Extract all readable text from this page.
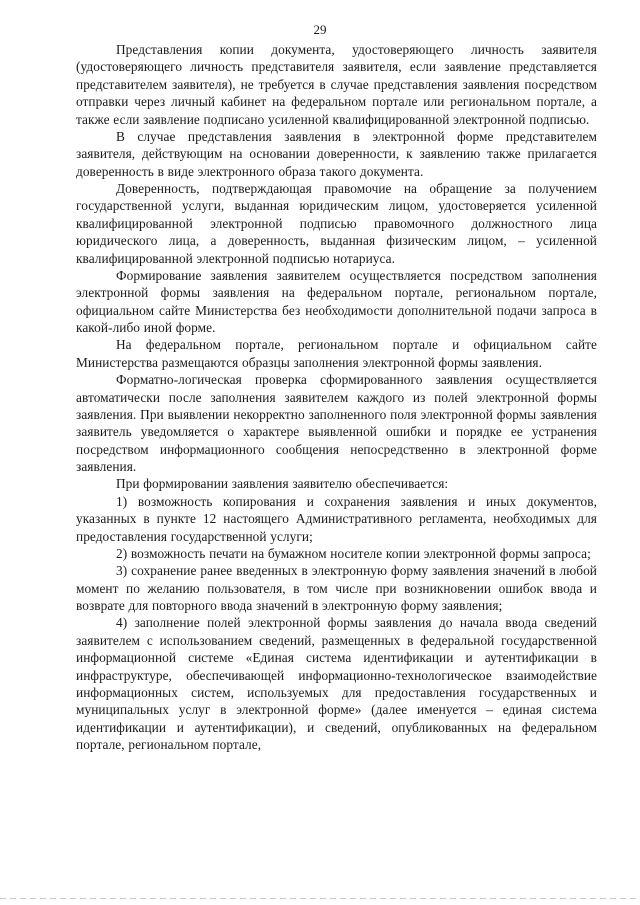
29

Представления копии документа, удостоверяющего личность заявителя (удостоверяющего личность представителя заявителя, если заявление представляется представителем заявителя), не требуется в случае представления заявления посредством отправки через личный кабинет на федеральном портале или региональном портале, а также если заявление подписано усиленной квалифицированной электронной подписью.

В случае представления заявления в электронной форме представителем заявителя, действующим на основании доверенности, к заявлению также прилагается доверенность в виде электронного образа такого документа.

Доверенность, подтверждающая правомочие на обращение за получением государственной услуги, выданная юридическим лицом, удостоверяется усиленной квалифицированной электронной подписью правомочного должностного лица юридического лица, а доверенность, выданная физическим лицом, – усиленной квалифицированной электронной подписью нотариуса.

Формирование заявления заявителем осуществляется посредством заполнения электронной формы заявления на федеральном портале, региональном портале, официальном сайте Министерства без необходимости дополнительной подачи запроса в какой-либо иной форме.

На федеральном портале, региональном портале и официальном сайте Министерства размещаются образцы заполнения электронной формы заявления.

Форматно-логическая проверка сформированного заявления осуществляется автоматически после заполнения заявителем каждого из полей электронной формы заявления. При выявлении некорректно заполненного поля электронной формы заявления заявитель уведомляется о характере выявленной ошибки и порядке ее устранения посредством информационного сообщения непосредственно в электронной форме заявления.

При формировании заявления заявителю обеспечивается:

1) возможность копирования и сохранения заявления и иных документов, указанных в пункте 12 настоящего Административного регламента, необходимых для предоставления государственной услуги;

2) возможность печати на бумажном носителе копии электронной формы запроса;

3) сохранение ранее введенных в электронную форму заявления значений в любой момент по желанию пользователя, в том числе при возникновении ошибок ввода и возврате для повторного ввода значений в электронную форму заявления;

4) заполнение полей электронной формы заявления до начала ввода сведений заявителем с использованием сведений, размещенных в федеральной государственной информационной системе «Единая система идентификации и аутентификации в инфраструктуре, обеспечивающей информационно-технологическое взаимодействие информационных систем, используемых для предоставления государственных и муниципальных услуг в электронной форме» (далее именуется – единая система идентификации и аутентификации), и сведений, опубликованных на федеральном портале, региональном портале,
